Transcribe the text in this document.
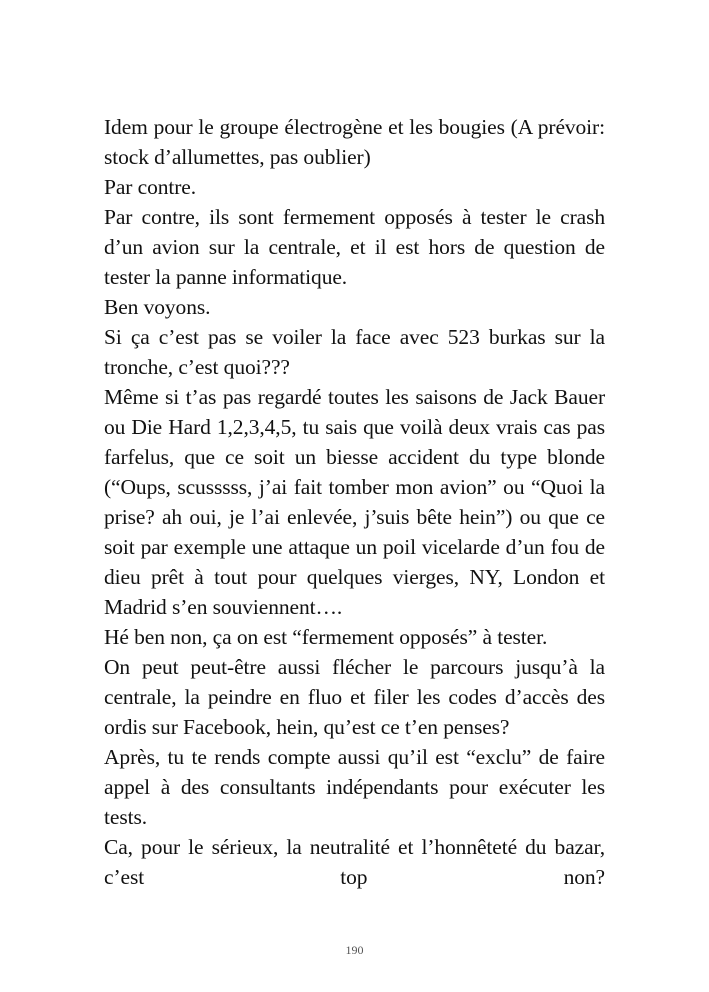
Idem pour le groupe électrogène et les bougies (A prévoir: stock d’allumettes, pas oublier)

Par contre.

Par contre, ils sont fermement opposés à tester le crash d’un avion sur la centrale, et il est hors de question de tester la panne informatique.

Ben voyons.

Si ça c’est pas se voiler la face avec 523 burkas sur la tronche, c’est quoi???

Même si t’as pas regardé toutes les saisons de Jack Bauer ou Die Hard 1,2,3,4,5, tu sais que voilà deux vrais cas pas farfelus, que ce soit un biesse accident du type blonde (“Oups, scusssss, j’ai fait tomber mon avion” ou “Quoi la prise? ah oui, je l’ai enlevée, j’suis bête hein”) ou que ce soit par exemple une attaque un poil vicelarde d’un fou de dieu prêt à tout pour quelques vierges, NY, London et Madrid s’en souviennent….

Hé ben non, ça on est “fermement opposés” à tester.

On peut peut-être aussi flécher le parcours jusqu’à la centrale, la peindre en fluo et filer les codes d’accès des ordis sur Facebook, hein, qu’est ce t’en penses?

Après, tu te rends compte aussi qu’il est “exclu” de faire appel à des consultants indépendants pour exécuter les tests.

Ca, pour le sérieux, la neutralité et l’honnêteté du bazar, c’est top non?

190
